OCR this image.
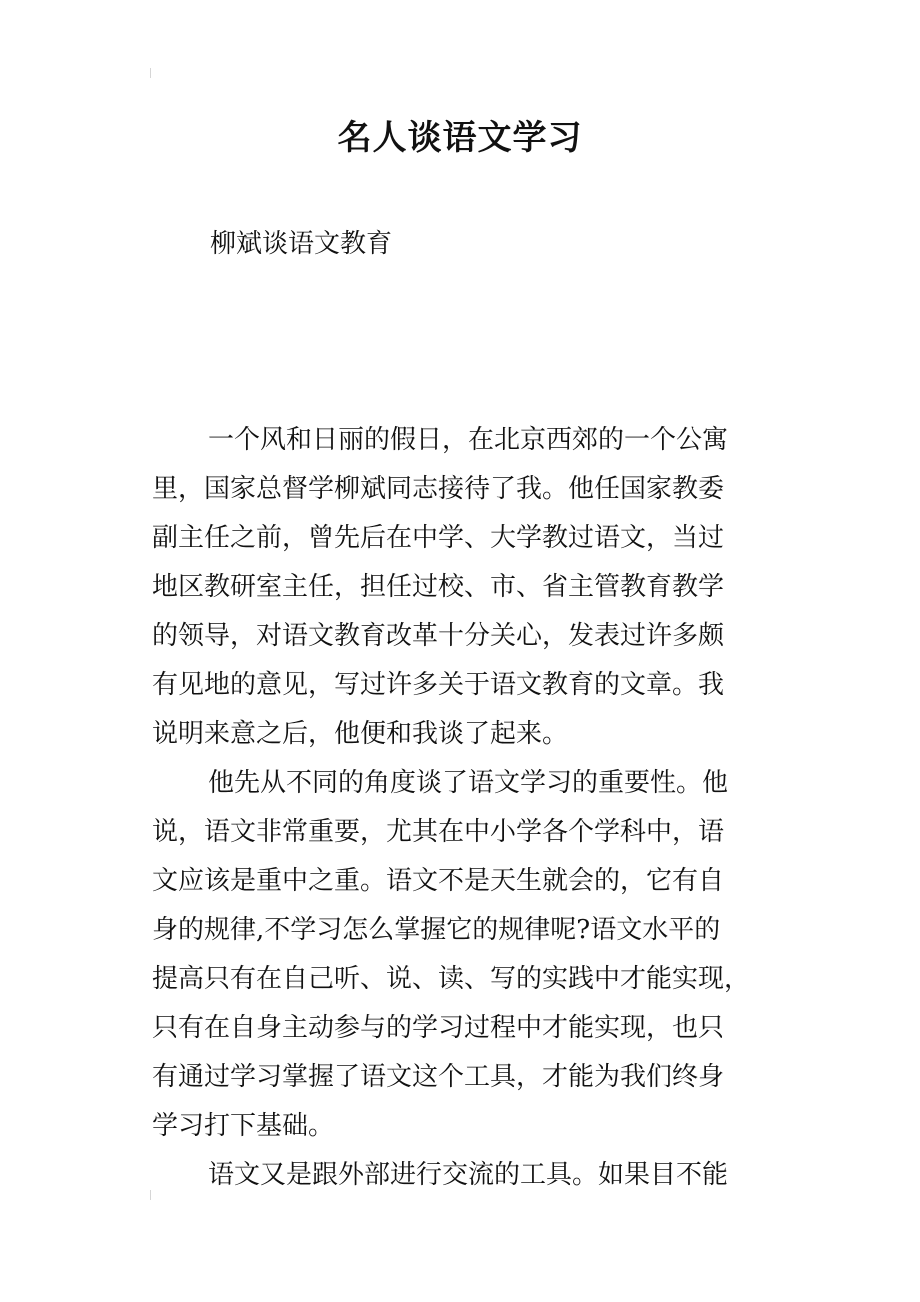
名人谈语文学习

柳斌谈语文教育

一个风和日丽的假日，在北京西郊的一个公寓
里，国家总督学柳斌同志接待了我。他任国家教委
副主任之前，曾先后在中学、大学教过语文，当过
地区教研室主任，担任过校、市、省主管教育教学
的领导，对语文教育改革十分关心，发表过许多颇
有见地的意见，写过许多关于语文教育的文章。我
说明来意之后，他便和我谈了起来。
他先从不同的角度谈了语文学习的重要性。他
说，语文非常重要，尤其在中小学各个学科中，语
文应该是重中之重。语文不是天生就会的，它有自
身的规律,不学习怎么掌握它的规律呢?语文水平的
提高只有在自己听、说、读、写的实践中才能实现，
只有在自身主动参与的学习过程中才能实现，也只
有通过学习掌握了语文这个工具，才能为我们终身
学习打下基础。
语文又是跟外部进行交流的工具。如果目不能
